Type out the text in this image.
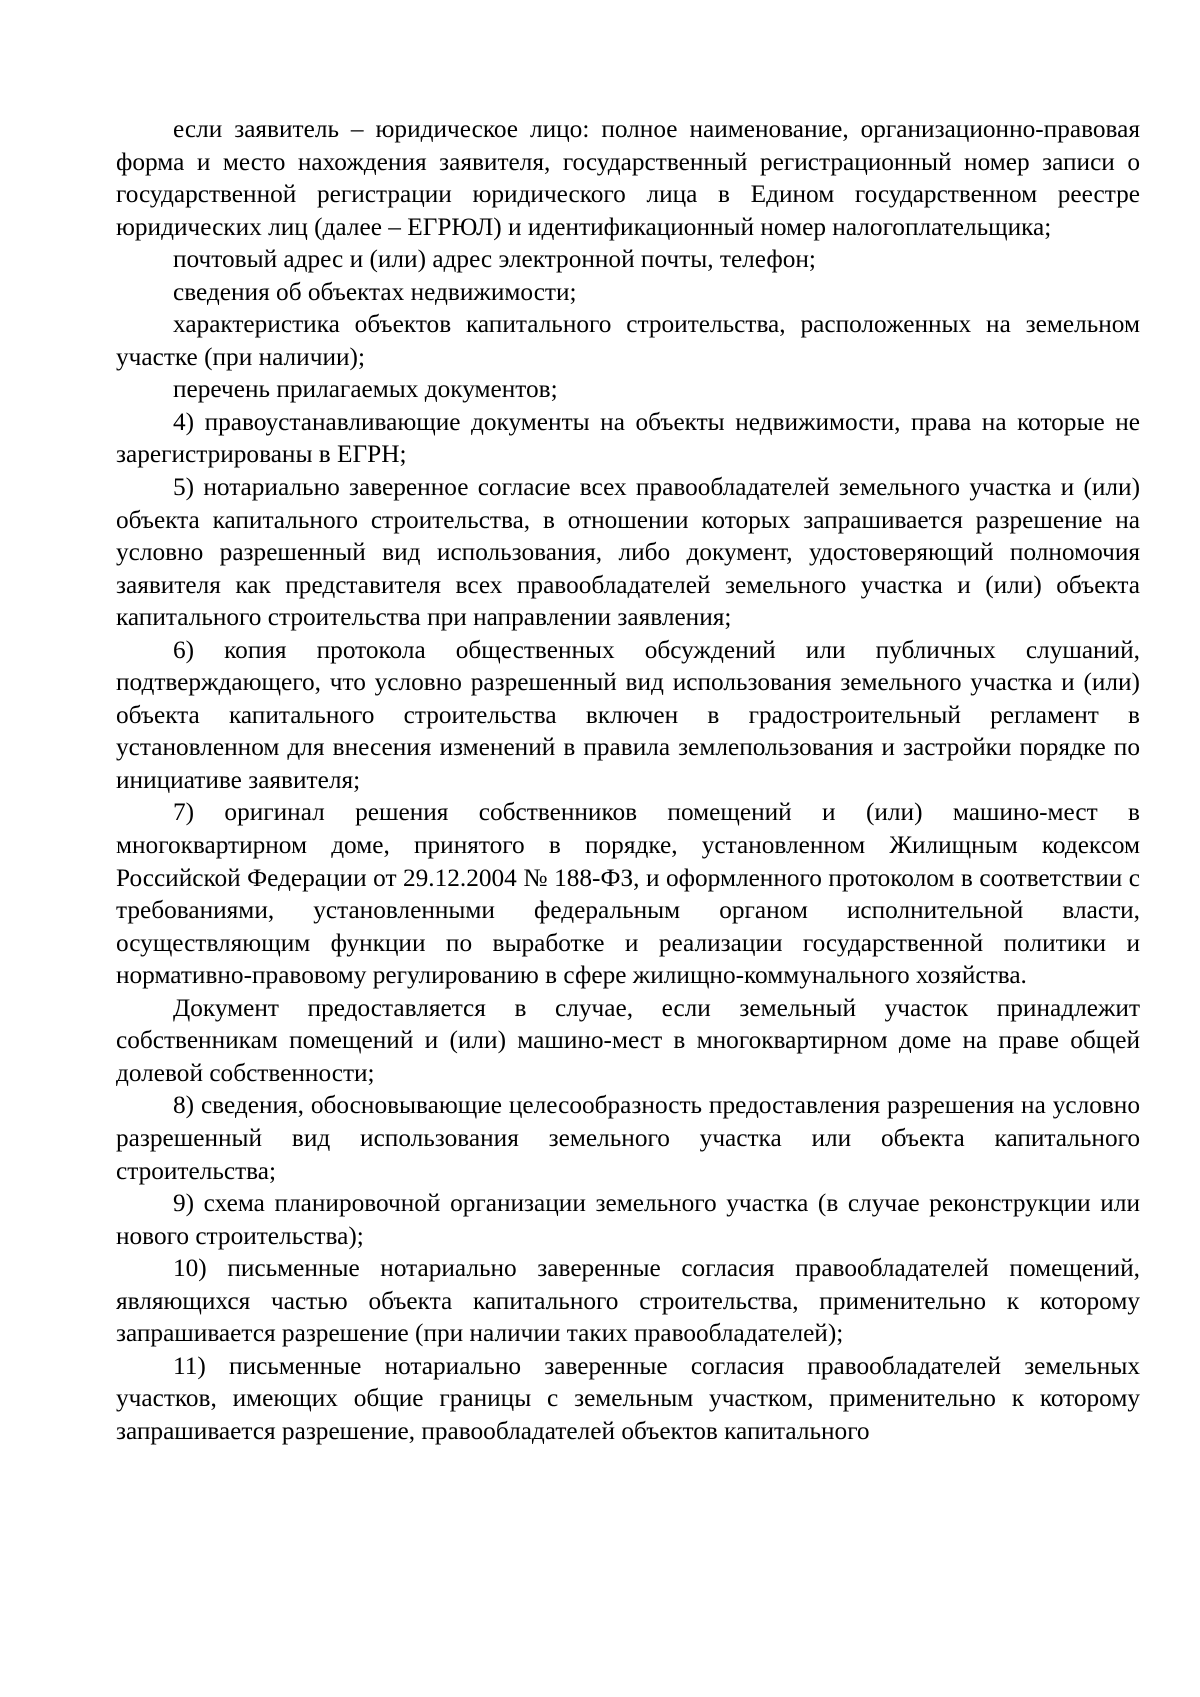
если заявитель – юридическое лицо: полное наименование, организационно-правовая форма и место нахождения заявителя, государственный регистрационный номер записи о государственной регистрации юридического лица в Едином государственном реестре юридических лиц (далее – ЕГРЮЛ) и идентификационный номер налогоплательщика;

почтовый адрес и (или) адрес электронной почты, телефон;

сведения об объектах недвижимости;

характеристика объектов капитального строительства, расположенных на земельном участке (при наличии);

перечень прилагаемых документов;

4) правоустанавливающие документы на объекты недвижимости, права на которые не зарегистрированы в ЕГРН;

5) нотариально заверенное согласие всех правообладателей земельного участка и (или) объекта капитального строительства, в отношении которых запрашивается разрешение на условно разрешенный вид использования, либо документ, удостоверяющий полномочия заявителя как представителя всех правообладателей земельного участка и (или) объекта капитального строительства при направлении заявления;

6) копия протокола общественных обсуждений или публичных слушаний, подтверждающего, что условно разрешенный вид использования земельного участка и (или) объекта капитального строительства включен в градостроительный регламент в установленном для внесения изменений в правила землепользования и застройки порядке по инициативе заявителя;

7) оригинал решения собственников помещений и (или) машино-мест в многоквартирном доме, принятого в порядке, установленном Жилищным кодексом Российской Федерации от 29.12.2004 № 188-ФЗ, и оформленного протоколом в соответствии с требованиями, установленными федеральным органом исполнительной власти, осуществляющим функции по выработке и реализации государственной политики и нормативно-правовому регулированию в сфере жилищно-коммунального хозяйства.

Документ предоставляется в случае, если земельный участок принадлежит собственникам помещений и (или) машино-мест в многоквартирном доме на праве общей долевой собственности;

8) сведения, обосновывающие целесообразность предоставления разрешения на условно разрешенный вид использования земельного участка или объекта капитального строительства;

9) схема планировочной организации земельного участка (в случае реконструкции или нового строительства);

10) письменные нотариально заверенные согласия правообладателей помещений, являющихся частью объекта капитального строительства, применительно к которому запрашивается разрешение (при наличии таких правообладателей);

11) письменные нотариально заверенные согласия правообладателей земельных участков, имеющих общие границы с земельным участком, применительно к которому запрашивается разрешение, правообладателей объектов капитального
